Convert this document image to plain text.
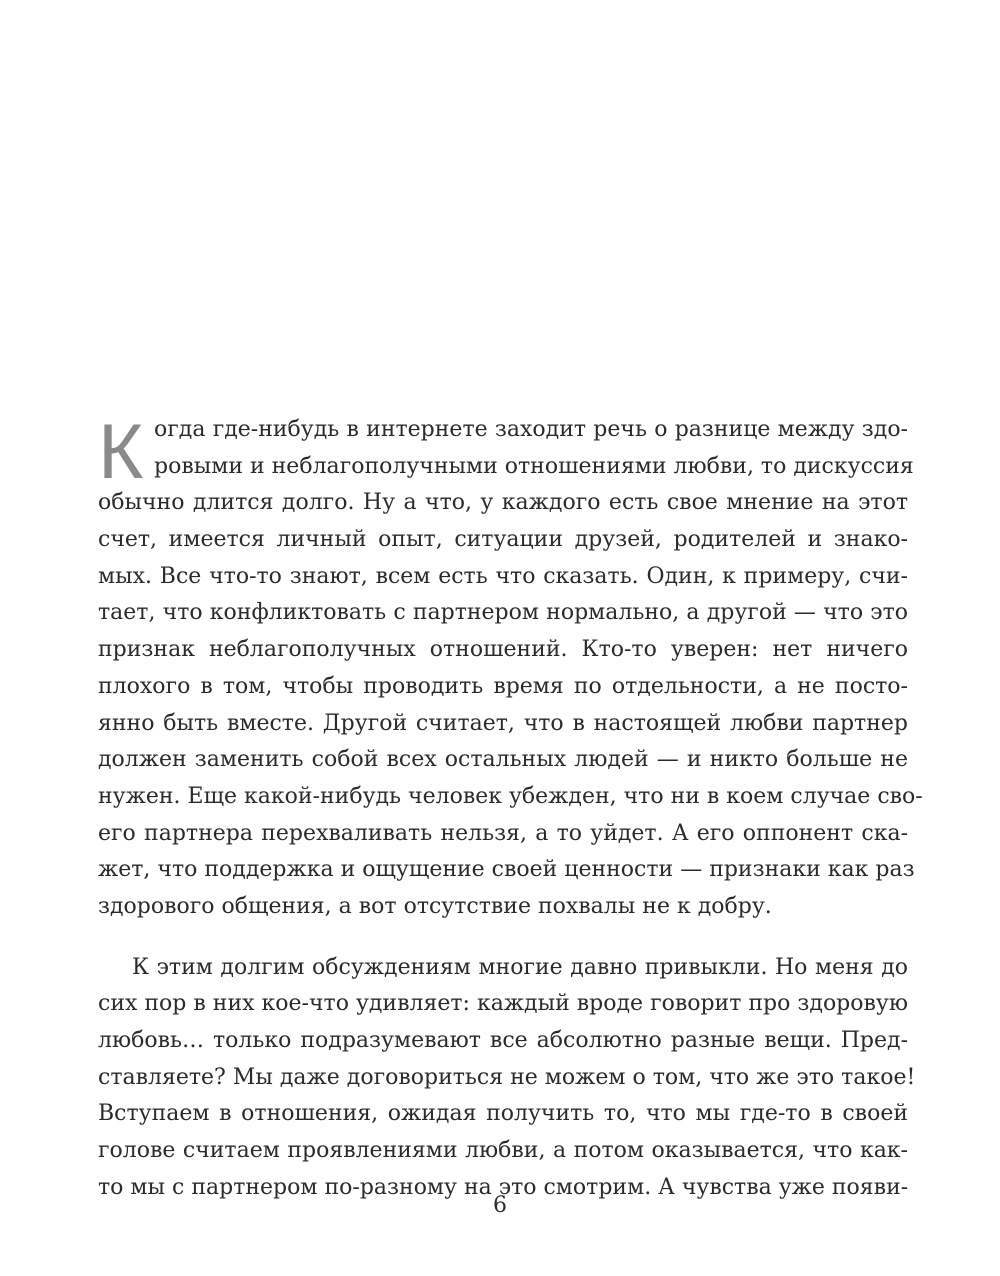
К огда где-нибудь в интернете заходит речь о разнице между здо-
ровыми и неблагополучными отношениями любви, то дискуссия
обычно длится долго. Ну а что, у каждого есть свое мнение на этот
счет, имеется личный опыт, ситуации друзей, родителей и знако-
мых. Все что-то знают, всем есть что сказать. Один, к примеру, счи-
тает, что конфликтовать с партнером нормально, а другой — что это
признак неблагополучных отношений. Кто-то уверен: нет ничего
плохого в том, чтобы проводить время по отдельности, а не посто-
янно быть вместе. Другой считает, что в настоящей любви партнер
должен заменить собой всех остальных людей — и никто больше не
нужен. Еще какой-нибудь человек убежден, что ни в коем случае сво-
его партнера перехваливать нельзя, а то уйдет. А его оппонент ска-
жет, что поддержка и ощущение своей ценности — признаки как раз
здорового общения, а вот отсутствие похвалы не к добру.
К этим долгим обсуждениям многие давно привыкли. Но меня до
сих пор в них кое-что удивляет: каждый вроде говорит про здоровую
любовь… только подразумевают все абсолютно разные вещи. Пред-
ставляете? Мы даже договориться не можем о том, что же это такое!
Вступаем в отношения, ожидая получить то, что мы где-то в своей
голове считаем проявлениями любви, а потом оказывается, что как-
то мы с партнером по-разному на это смотрим. А чувства уже появи-
6
